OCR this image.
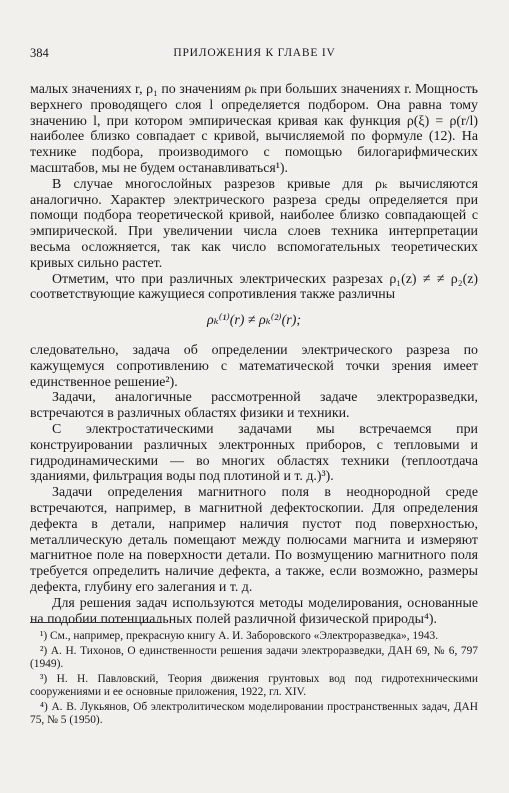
384	ПРИЛОЖЕНИЯ К ГЛАВЕ IV

малых значениях r, ρ₁ по значениям ρₖ при больших значениях r. Мощность верхнего проводящего слоя l определяется подбором. Она равна тому значению l, при котором эмпирическая кривая как функция ρ(ξ) = ρ(r/l) наиболее близко совпадает с кривой, вычисляемой по формуле (12). На технике подбора, производимого с помощью билогарифмических масштабов, мы не будем останавливаться¹).

В случае многослойных разрезов кривые для ρₖ вычисляются аналогично. Характер электрического разреза среды определяется при помощи подбора теоретической кривой, наиболее близко совпадающей с эмпирической. При увеличении числа слоев техника интерпретации весьма осложняется, так как число вспомогательных теоретических кривых сильно растет.

Отметим, что при различных электрических разрезах ρ₁(z) ≠ ≠ ρ₂(z) соответствующие кажущиеся сопротивления также различны

ρₖ⁽¹⁾(r) ≠ ρₖ⁽²⁾(r);

следовательно, задача об определении электрического разреза по кажущемуся сопротивлению с математической точки зрения имеет единственное решение²).

Задачи, аналогичные рассмотренной задаче электроразведки, встречаются в различных областях физики и техники.

С электростатическими задачами мы встречаемся при конструировании различных электронных приборов, с тепловыми и гидродинамическими — во многих областях техники (теплоотдача зданиями, фильтрация воды под плотиной и т. д.)³).

Задачи определения магнитного поля в неоднородной среде встречаются, например, в магнитной дефектоскопии. Для определения дефекта в детали, например наличия пустот под поверхностью, металлическую деталь помещают между полюсами магнита и измеряют магнитное поле на поверхности детали. По возмущению магнитного поля требуется определить наличие дефекта, а также, если возможно, размеры дефекта, глубину его залегания и т. д.

Для решения задач используются методы моделирования, основанные на подобии потенциальных полей различной физической природы⁴).

¹) См., например, прекрасную книгу А. И. Заборовского «Электроразведка», 1943.

²) А. Н. Тихонов, О единственности решения задачи электроразведки, ДАН 69, № 6, 797 (1949).

³) Н. Н. Павловский, Теория движения грунтовых вод под гидротехническими сооружениями и ее основные приложения, 1922, гл. XIV.

⁴) А. В. Лукьянов, Об электролитическом моделировании пространственных задач, ДАН 75, № 5 (1950).
